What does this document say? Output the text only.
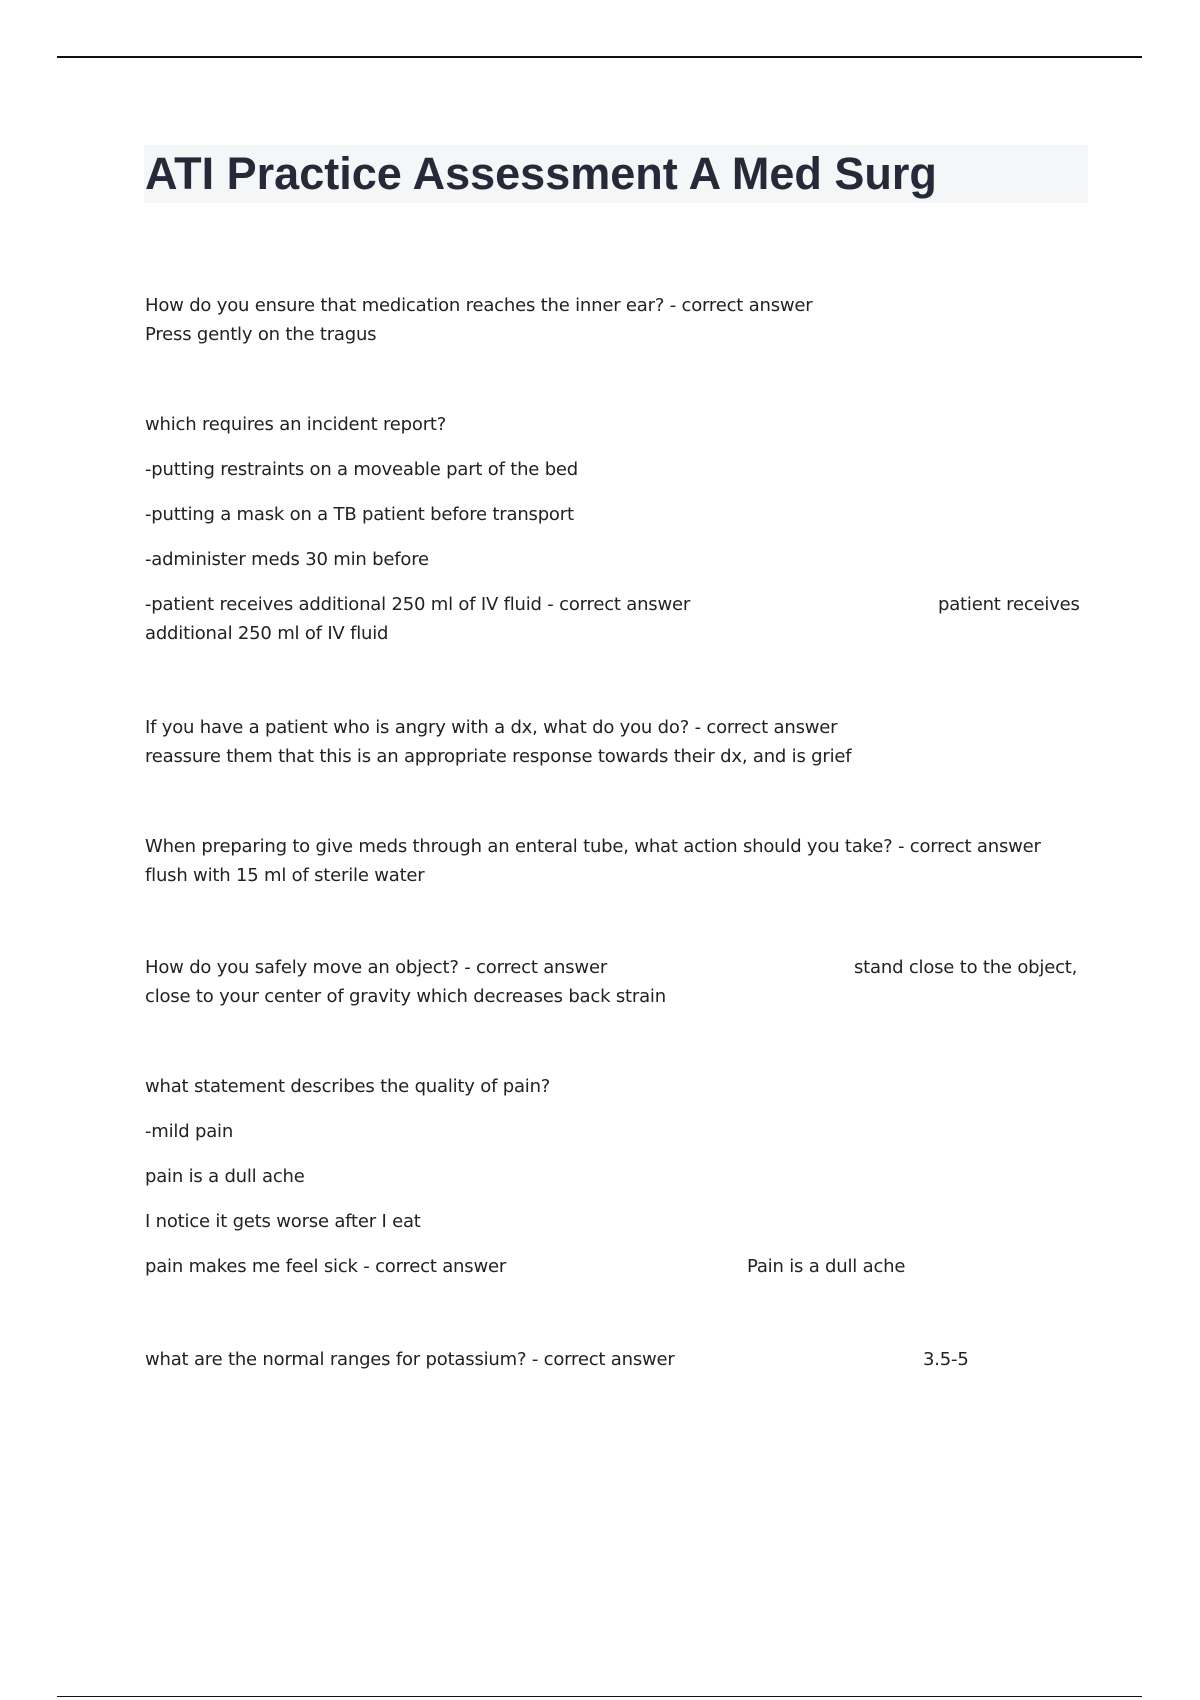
ATI Practice Assessment A Med Surg
How do you ensure that medication reaches the inner ear? - correct answer
Press gently on the tragus
which requires an incident report?
-putting restraints on a moveable part of the bed
-putting a mask on a TB patient before transport
-administer meds 30 min before
-patient receives additional 250 ml of IV fluid - correct answer	patient receives
additional 250 ml of IV fluid
If you have a patient who is angry with a dx, what do you do? - correct answer
reassure them that this is an appropriate response towards their dx, and is grief
When preparing to give meds through an enteral tube, what action should you take? - correct answer
flush with 15 ml of sterile water
How do you safely move an object? - correct answer	stand close to the object,
close to your center of gravity which decreases back strain
what statement describes the quality of pain?
-mild pain
pain is a dull ache
I notice it gets worse after I eat
pain makes me feel sick - correct answer	Pain is a dull ache
what are the normal ranges for potassium? - correct answer	3.5-5
